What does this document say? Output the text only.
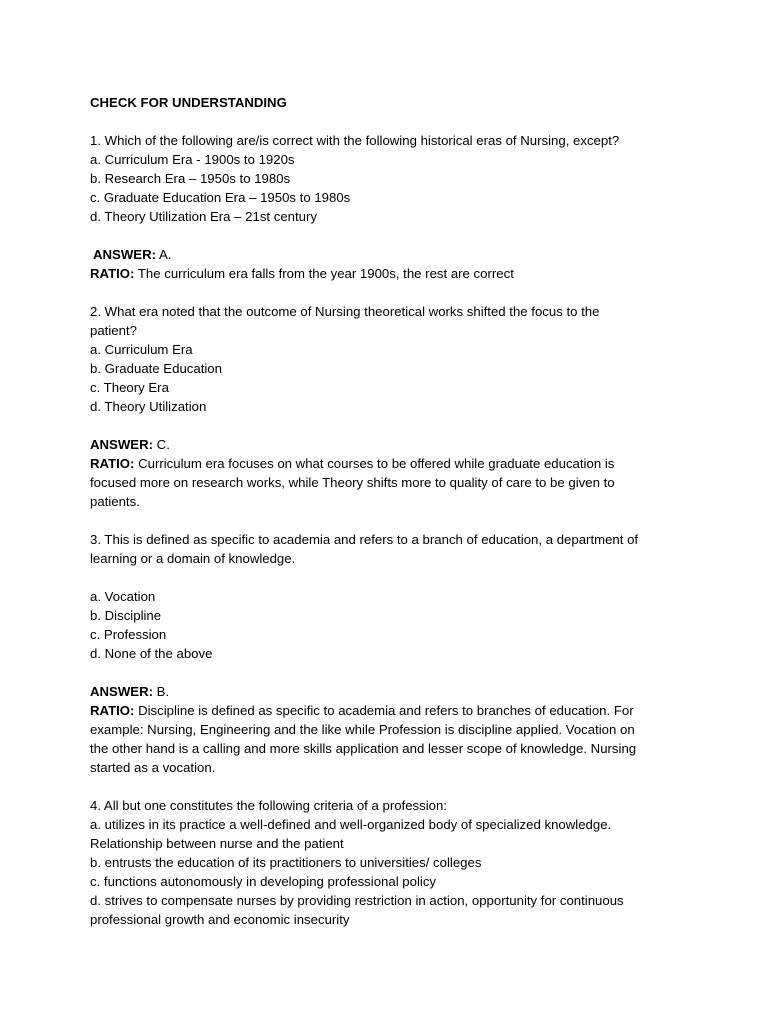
CHECK FOR UNDERSTANDING

1. Which of the following are/is correct with the following historical eras of Nursing, except?

a. Curriculum Era - 1900s to 1920s

b. Research Era – 1950s to 1980s

c. Graduate Education Era – 1950s to 1980s

d. Theory Utilization Era – 21st century

ANSWER: A.

RATIO: The curriculum era falls from the year 1900s, the rest are correct

2. What era noted that the outcome of Nursing theoretical works shifted the focus to the

patient?

a. Curriculum Era

b. Graduate Education

c. Theory Era

d. Theory Utilization

ANSWER: C.

RATIO: Curriculum era focuses on what courses to be offered while graduate education is

focused more on research works, while Theory shifts more to quality of care to be given to

patients.

3. This is defined as specific to academia and refers to a branch of education, a department of

learning or a domain of knowledge.

a. Vocation

b. Discipline

c. Profession

d. None of the above

ANSWER: B.

RATIO: Discipline is defined as specific to academia and refers to branches of education. For

example: Nursing, Engineering and the like while Profession is discipline applied. Vocation on

the other hand is a calling and more skills application and lesser scope of knowledge. Nursing

started as a vocation.

4. All but one constitutes the following criteria of a profession:

a. utilizes in its practice a well-defined and well-organized body of specialized knowledge.

Relationship between nurse and the patient

b. entrusts the education of its practitioners to universities/ colleges

c. functions autonomously in developing professional policy

d. strives to compensate nurses by providing restriction in action, opportunity for continuous

professional growth and economic insecurity
